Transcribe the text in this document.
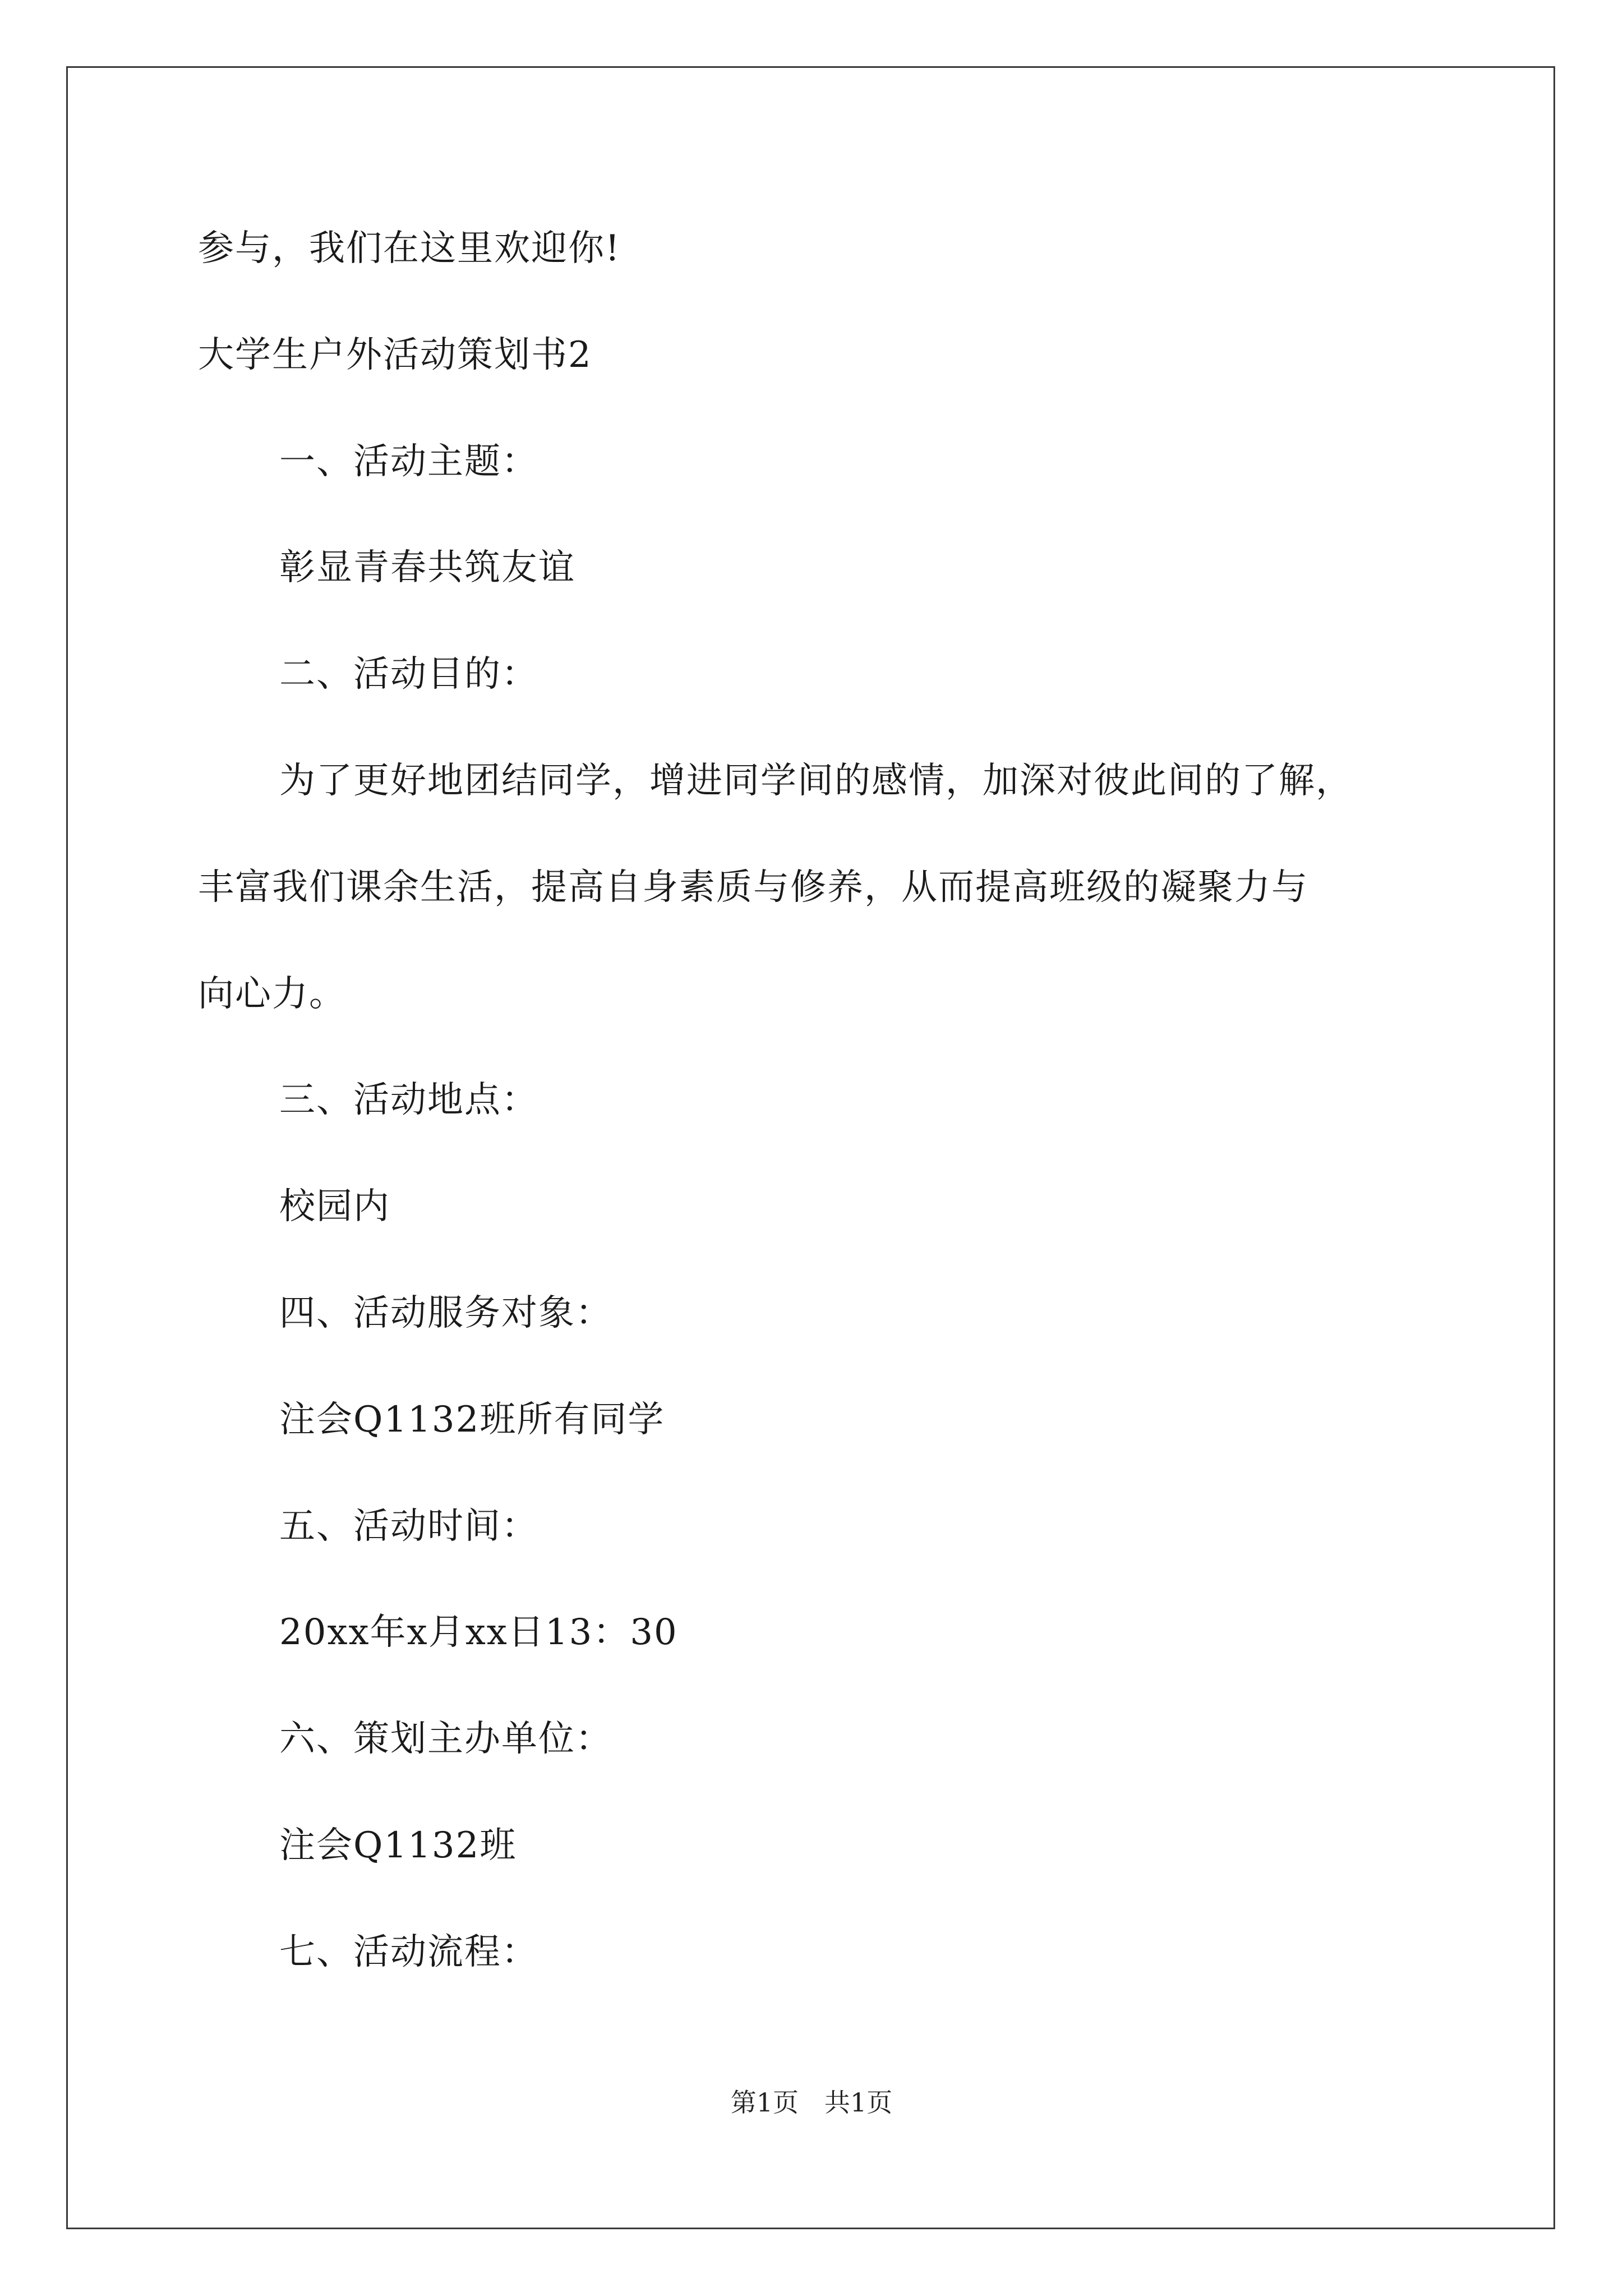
参与，我们在这里欢迎你!
大学生户外活动策划书2
一、活动主题：
彰显青春共筑友谊
二、活动目的：
为了更好地团结同学，增进同学间的感情，加深对彼此间的了解，
丰富我们课余生活，提高自身素质与修养，从而提高班级的凝聚力与
向心力。
三、活动地点：
校园内
四、活动服务对象：
注会Q1132班所有同学
五、活动时间：
20xx年x月xx日13：30
六、策划主办单位：
注会Q1132班
七、活动流程：
第1页　共1页
